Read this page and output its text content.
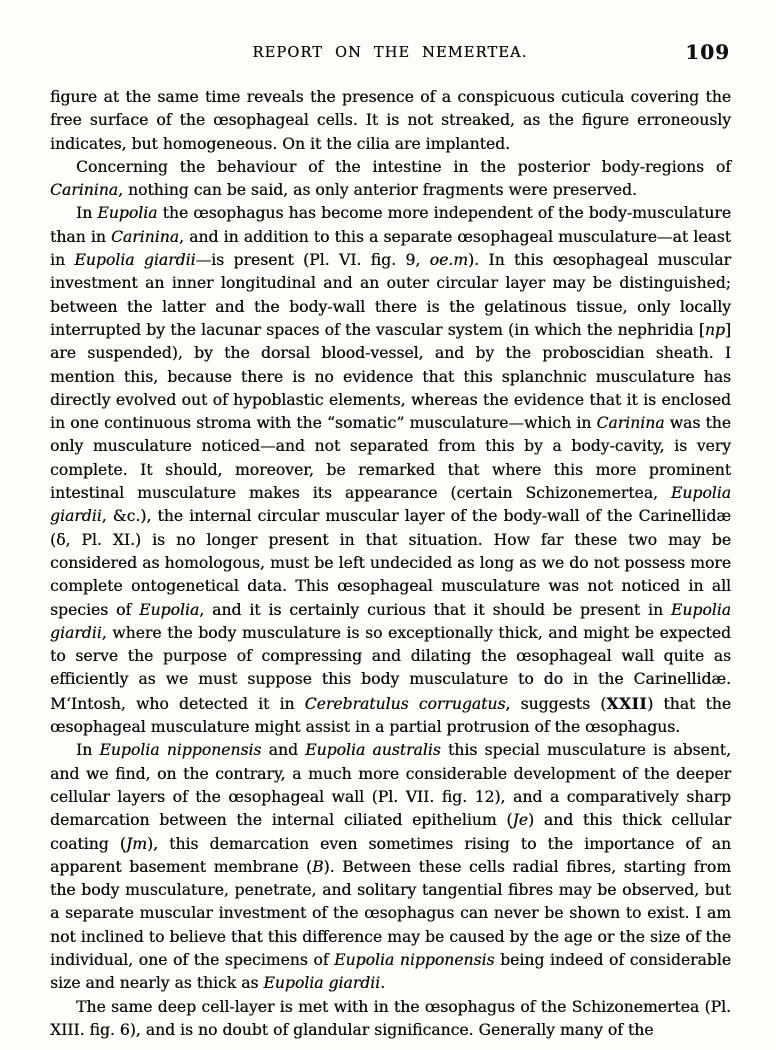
REPORT ON THE NEMERTEA.	109

figure at the same time reveals the presence of a conspicuous cuticula covering the free surface of the œsophageal cells. It is not streaked, as the figure erroneously indicates, but homogeneous. On it the cilia are implanted.

Concerning the behaviour of the intestine in the posterior body-regions of Carinina, nothing can be said, as only anterior fragments were preserved.

In Eupolia the œsophagus has become more independent of the body-musculature than in Carinina, and in addition to this a separate œsophageal musculature—at least in Eupolia giardii—is present (Pl. VI. fig. 9, oe.m). In this œsophageal muscular investment an inner longitudinal and an outer circular layer may be distinguished; between the latter and the body-wall there is the gelatinous tissue, only locally interrupted by the lacunar spaces of the vascular system (in which the nephridia [np] are suspended), by the dorsal blood-vessel, and by the proboscidian sheath. I mention this, because there is no evidence that this splanchnic musculature has directly evolved out of hypoblastic elements, whereas the evidence that it is enclosed in one continuous stroma with the “somatic” musculature—which in Carinina was the only musculature noticed—and not separated from this by a body-cavity, is very complete. It should, moreover, be remarked that where this more prominent intestinal musculature makes its appearance (certain Schizonemertea, Eupolia giardii, &c.), the internal circular muscular layer of the body-wall of the Carinellidæ (δ, Pl. XI.) is no longer present in that situation. How far these two may be considered as homologous, must be left undecided as long as we do not possess more complete ontogenetical data. This œsophageal musculature was not noticed in all species of Eupolia, and it is certainly curious that it should be present in Eupolia giardii, where the body musculature is so exceptionally thick, and might be expected to serve the purpose of compressing and dilating the œsophageal wall quite as efficiently as we must suppose this body musculature to do in the Carinellidæ. M‘Intosh, who detected it in Cerebratulus corrugatus, suggests (XXII) that the œsophageal musculature might assist in a partial protrusion of the œsophagus.

In Eupolia nipponensis and Eupolia australis this special musculature is absent, and we find, on the contrary, a much more considerable development of the deeper cellular layers of the œsophageal wall (Pl. VII. fig. 12), and a comparatively sharp demarcation between the internal ciliated epithelium (Je) and this thick cellular coating (Jm), this demarcation even sometimes rising to the importance of an apparent basement membrane (B). Between these cells radial fibres, starting from the body musculature, penetrate, and solitary tangential fibres may be observed, but a separate muscular investment of the œsophagus can never be shown to exist. I am not inclined to believe that this difference may be caused by the age or the size of the individual, one of the specimens of Eupolia nipponensis being indeed of considerable size and nearly as thick as Eupolia giardii.

The same deep cell-layer is met with in the œsophagus of the Schizonemertea (Pl. XIII. fig. 6), and is no doubt of glandular significance. Generally many of the
